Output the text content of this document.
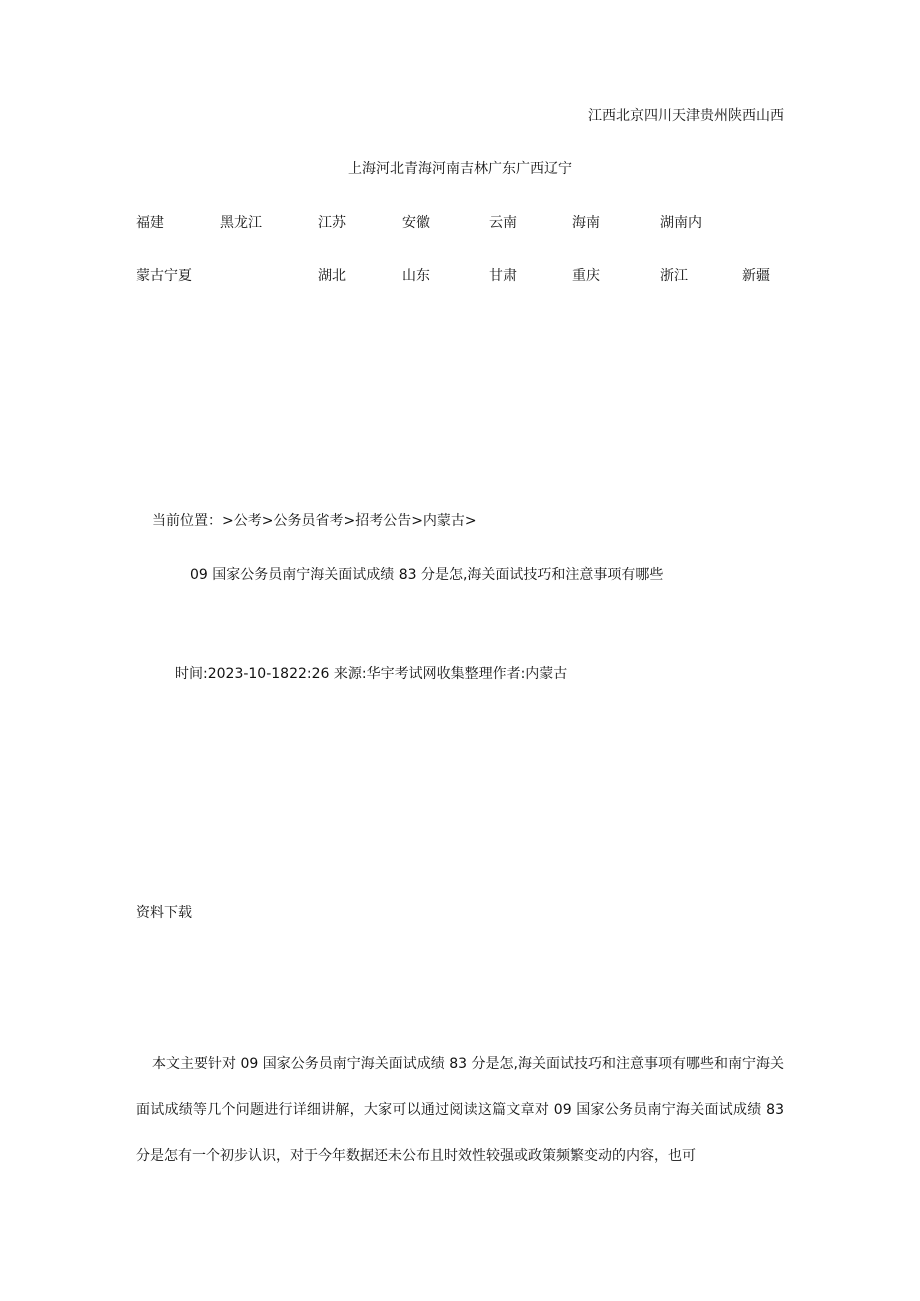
江西北京四川天津贵州陕西山西
上海河北青海河南吉林广东广西辽宁
福建	黑龙江	江苏	安徽	云南	海南	湖南内
蒙古宁夏	湖北	山东	甘肃	重庆	浙江	新疆
当前位置：>公考>公务员省考>招考公告>内蒙古>
09 国家公务员南宁海关面试成绩 83 分是怎,海关面试技巧和注意事项有哪些
时间:2023-10-1822:26 来源:华宇考试网收集整理作者:内蒙古
资料下载
本文主要针对 09 国家公务员南宁海关面试成绩 83 分是怎,海关面试技巧和注意事项有哪些和南宁海关面试成绩等几个问题进行详细讲解，大家可以通过阅读这篇文章对 09 国家公务员南宁海关面试成绩 83 分是怎有一个初步认识，对于今年数据还未公布且时效性较强或政策频繁变动的内容，也可
